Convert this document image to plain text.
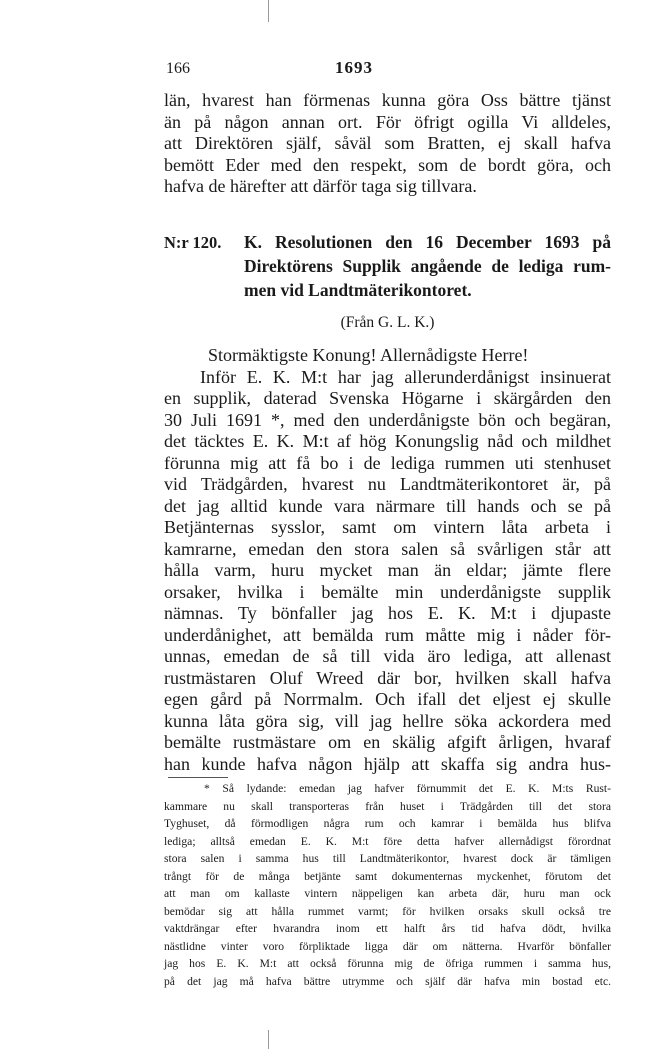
166	1693
län, hvarest han förmenas kunna göra Oss bättre tjänst
än på någon annan ort. För öfrigt ogilla Vi alldeles,
att Direktören själf, såväl som Bratten, ej skall hafva
bemött Eder med den respekt, som de bordt göra, och
hafva de härefter att därför taga sig tillvara.
N:r 120. K. Resolutionen den 16 December 1693 på
Direktörens Supplik angående de lediga rum-
men vid Landtmäterikontoret.
(Från G. L. K.)
Stormäktigste Konung! Allernådigste Herre!
Inför E. K. M:t har jag allerunderdånigst insinuerat
en supplik, daterad Svenska Högarne i skärgården den
30 Juli 1691 *, med den underdånigste bön och begäran,
det täcktes E. K. M:t af hög Konungslig nåd och mildhet
förunna mig att få bo i de lediga rummen uti stenhuset
vid Trädgården, hvarest nu Landtmäterikontoret är, på
det jag alltid kunde vara närmare till hands och se på
Betjänternas sysslor, samt om vintern låta arbeta i
kamrarne, emedan den stora salen så svårligen står att
hålla varm, huru mycket man än eldar; jämte flere
orsaker, hvilka i bemälte min underdånigste supplik
nämnas. Ty bönfaller jag hos E. K. M:t i djupaste
underdånighet, att bemälda rum måtte mig i nåder för-
unnas, emedan de så till vida äro lediga, att allenast
rustmästaren Oluf Wreed där bor, hvilken skall hafva
egen gård på Norrmalm. Och ifall det eljest ej skulle
kunna låta göra sig, vill jag hellre söka ackordera med
bemälte rustmästare om en skälig afgift årligen, hvaraf
han kunde hafva någon hjälp att skaffa sig andra hus-
* Så lydande: emedan jag hafver förnummit det E. K. M:ts Rust-
kammare nu skall transporteras från huset i Trädgården till det stora
Tyghuset, då förmodligen några rum och kamrar i bemälda hus blifva
lediga; alltså emedan E. K. M:t före detta hafver allernådigst förordnat
stora salen i samma hus till Landtmäterikontor, hvarest dock är tämligen
trångt för de många betjänte samt dokumenternas myckenhet, förutom det
att man om kallaste vintern näppeligen kan arbeta där, huru man ock
bemödar sig att hålla rummet varmt; för hvilken orsaks skull också tre
vaktdrängar efter hvarandra inom ett halft års tid hafva dödt, hvilka
nästlidne vinter voro förpliktade ligga där om nätterna. Hvarför bönfaller
jag hos E. K. M:t att också förunna mig de öfriga rummen i samma hus,
på det jag må hafva bättre utrymme och själf där hafva min bostad etc.
